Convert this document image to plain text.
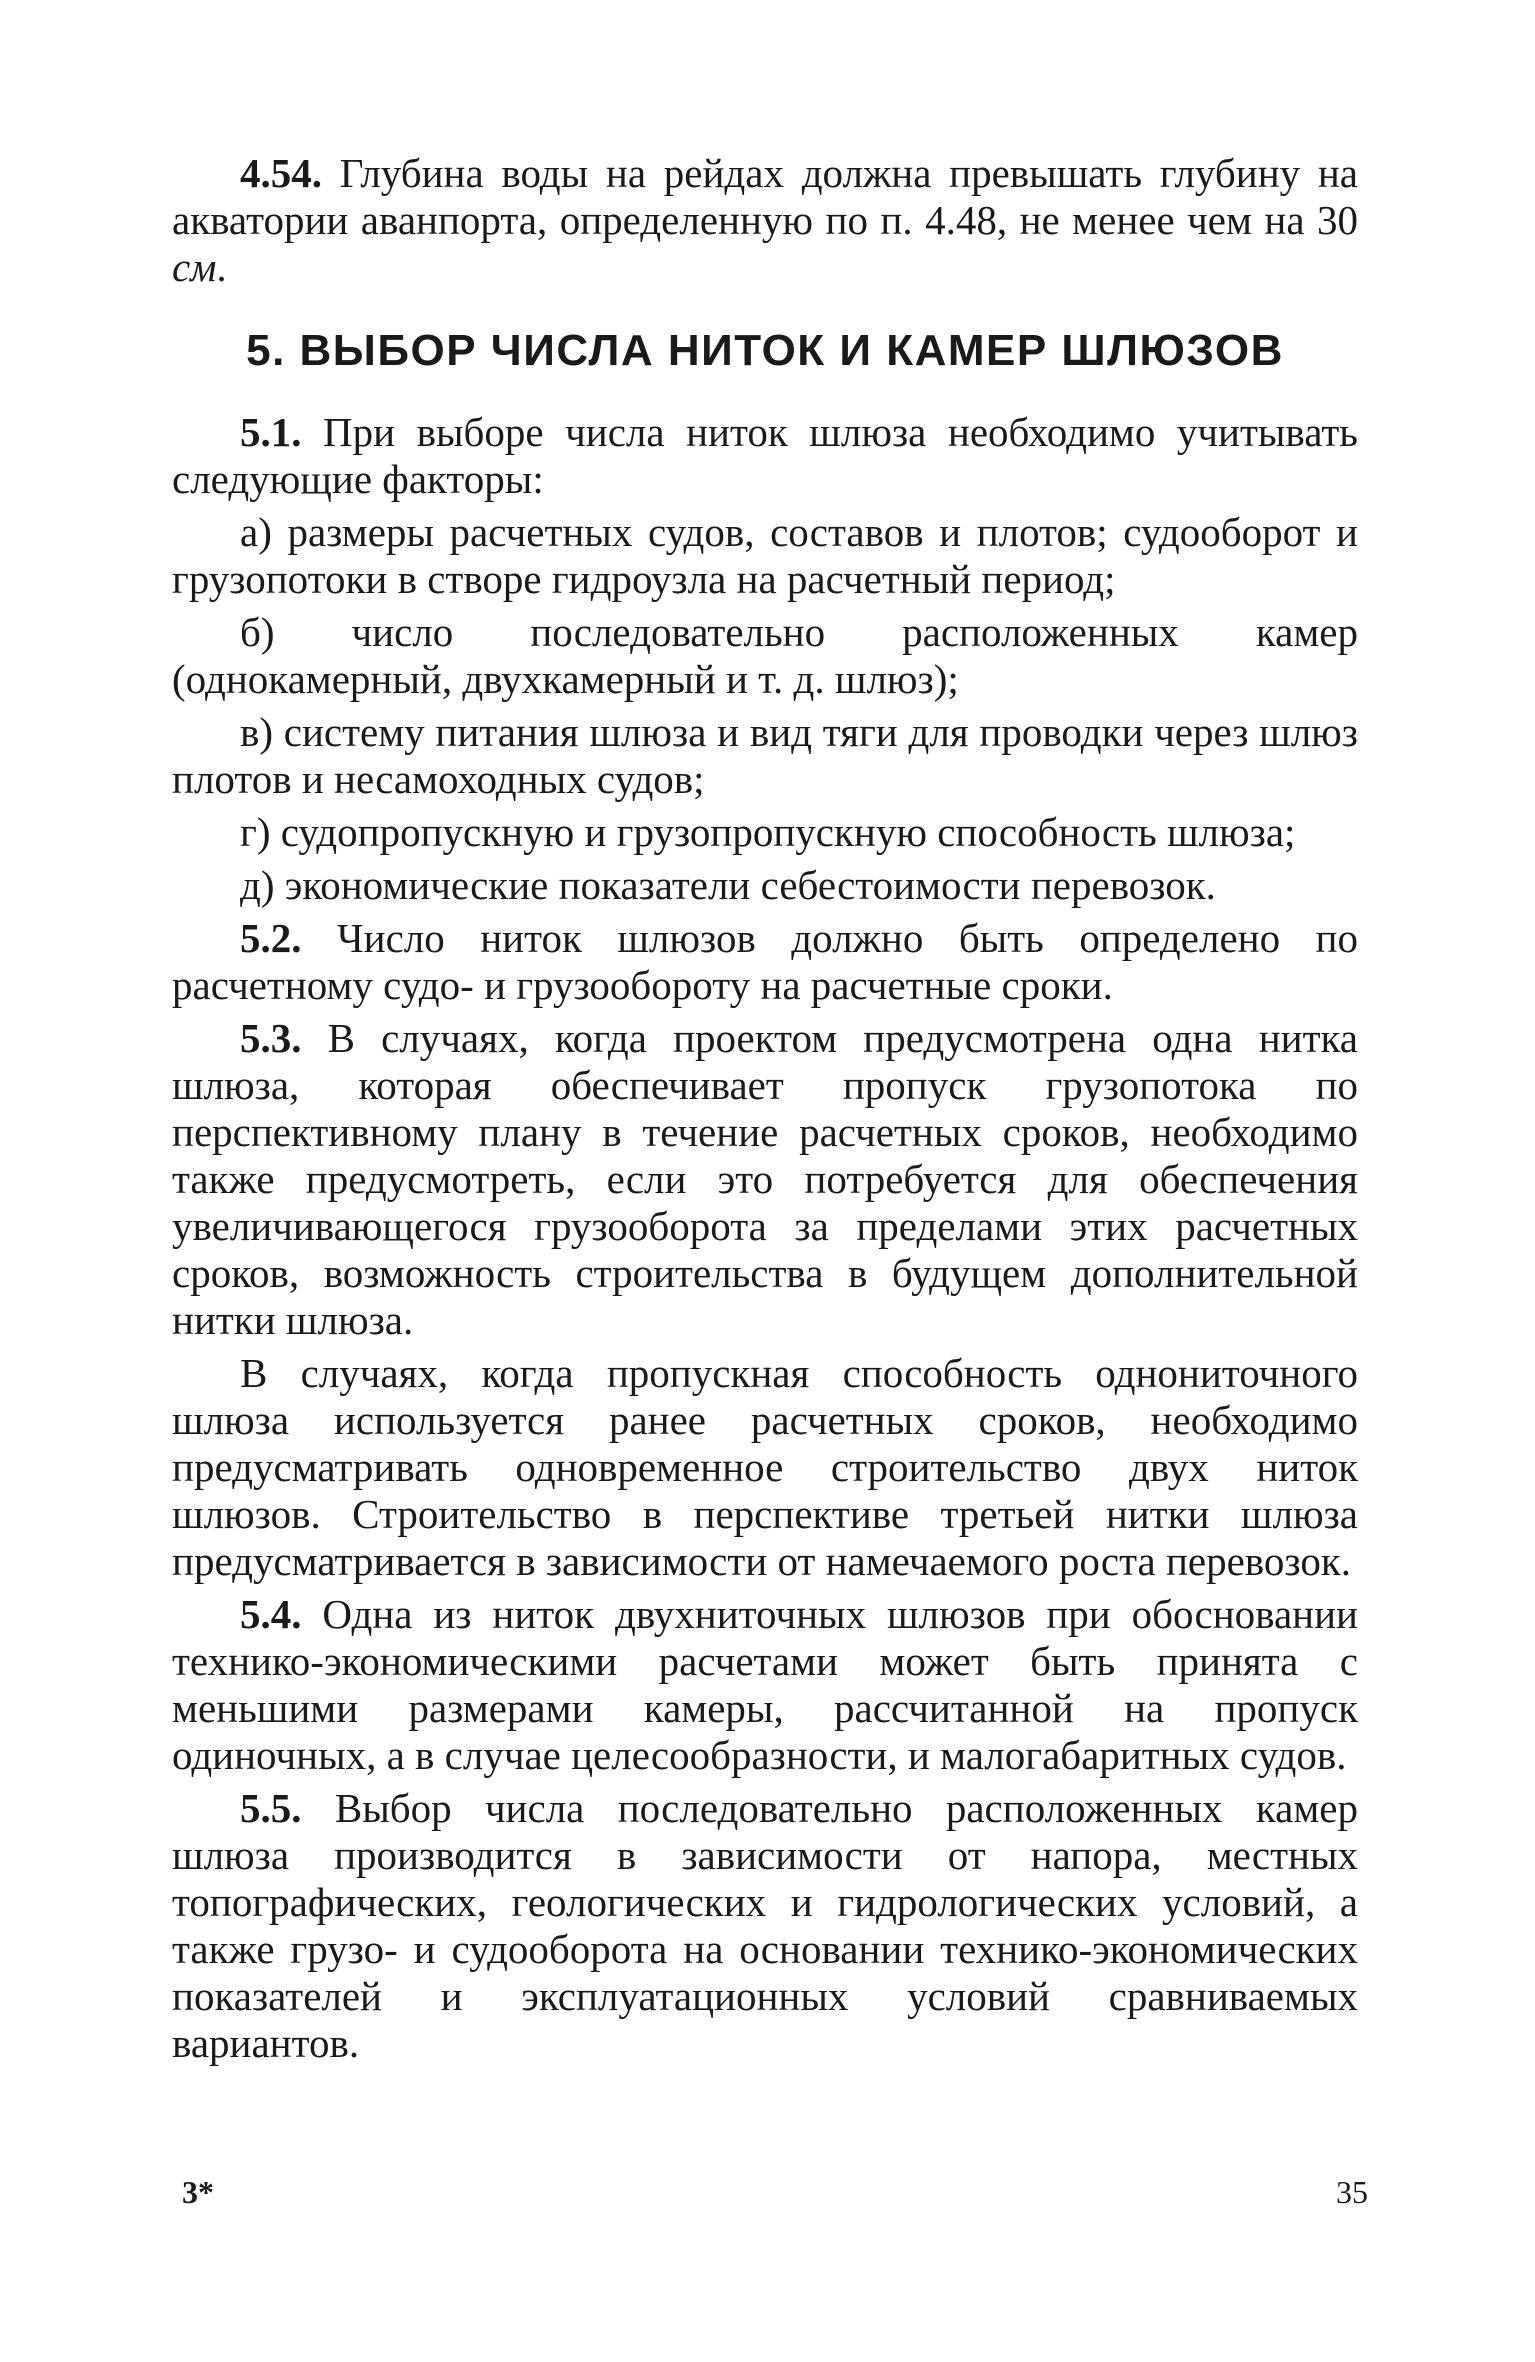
4.54. Глубина воды на рейдах должна превышать глубину на акватории аванпорта, определенную по п. 4.48, не менее чем на 30 см.

5. ВЫБОР ЧИСЛА НИТОК И КАМЕР ШЛЮЗОВ

5.1. При выборе числа ниток шлюза необходимо учитывать следующие факторы:

а) размеры расчетных судов, составов и плотов; судооборот и грузопотоки в створе гидроузла на расчетный период;

б) число последовательно расположенных камер (однокамерный, двухкамерный и т. д. шлюз);

в) систему питания шлюза и вид тяги для проводки через шлюз плотов и несамоходных судов;

г) судопропускную и грузопропускную способность шлюза;

д) экономические показатели себестоимости перевозок.

5.2. Число ниток шлюзов должно быть определено по расчетному судо- и грузообороту на расчетные сроки.

5.3. В случаях, когда проектом предусмотрена одна нитка шлюза, которая обеспечивает пропуск грузопотока по перспективному плану в течение расчетных сроков, необходимо также предусмотреть, если это потребуется для обеспечения увеличивающегося грузооборота за пределами этих расчетных сроков, возможность строительства в будущем дополнительной нитки шлюза.

В случаях, когда пропускная способность однониточного шлюза используется ранее расчетных сроков, необходимо предусматривать одновременное строительство двух ниток шлюзов. Строительство в перспективе третьей нитки шлюза предусматривается в зависимости от намечаемого роста перевозок.

5.4. Одна из ниток двухниточных шлюзов при обосновании технико-экономическими расчетами может быть принята с меньшими размерами камеры, рассчитанной на пропуск одиночных, а в случае целесообразности, и малогабаритных судов.

5.5. Выбор числа последовательно расположенных камер шлюза производится в зависимости от напора, местных топографических, геологических и гидрологических условий, а также грузо- и судооборота на основании технико-экономических показателей и эксплуатационных условий сравниваемых вариантов.

3*	35
